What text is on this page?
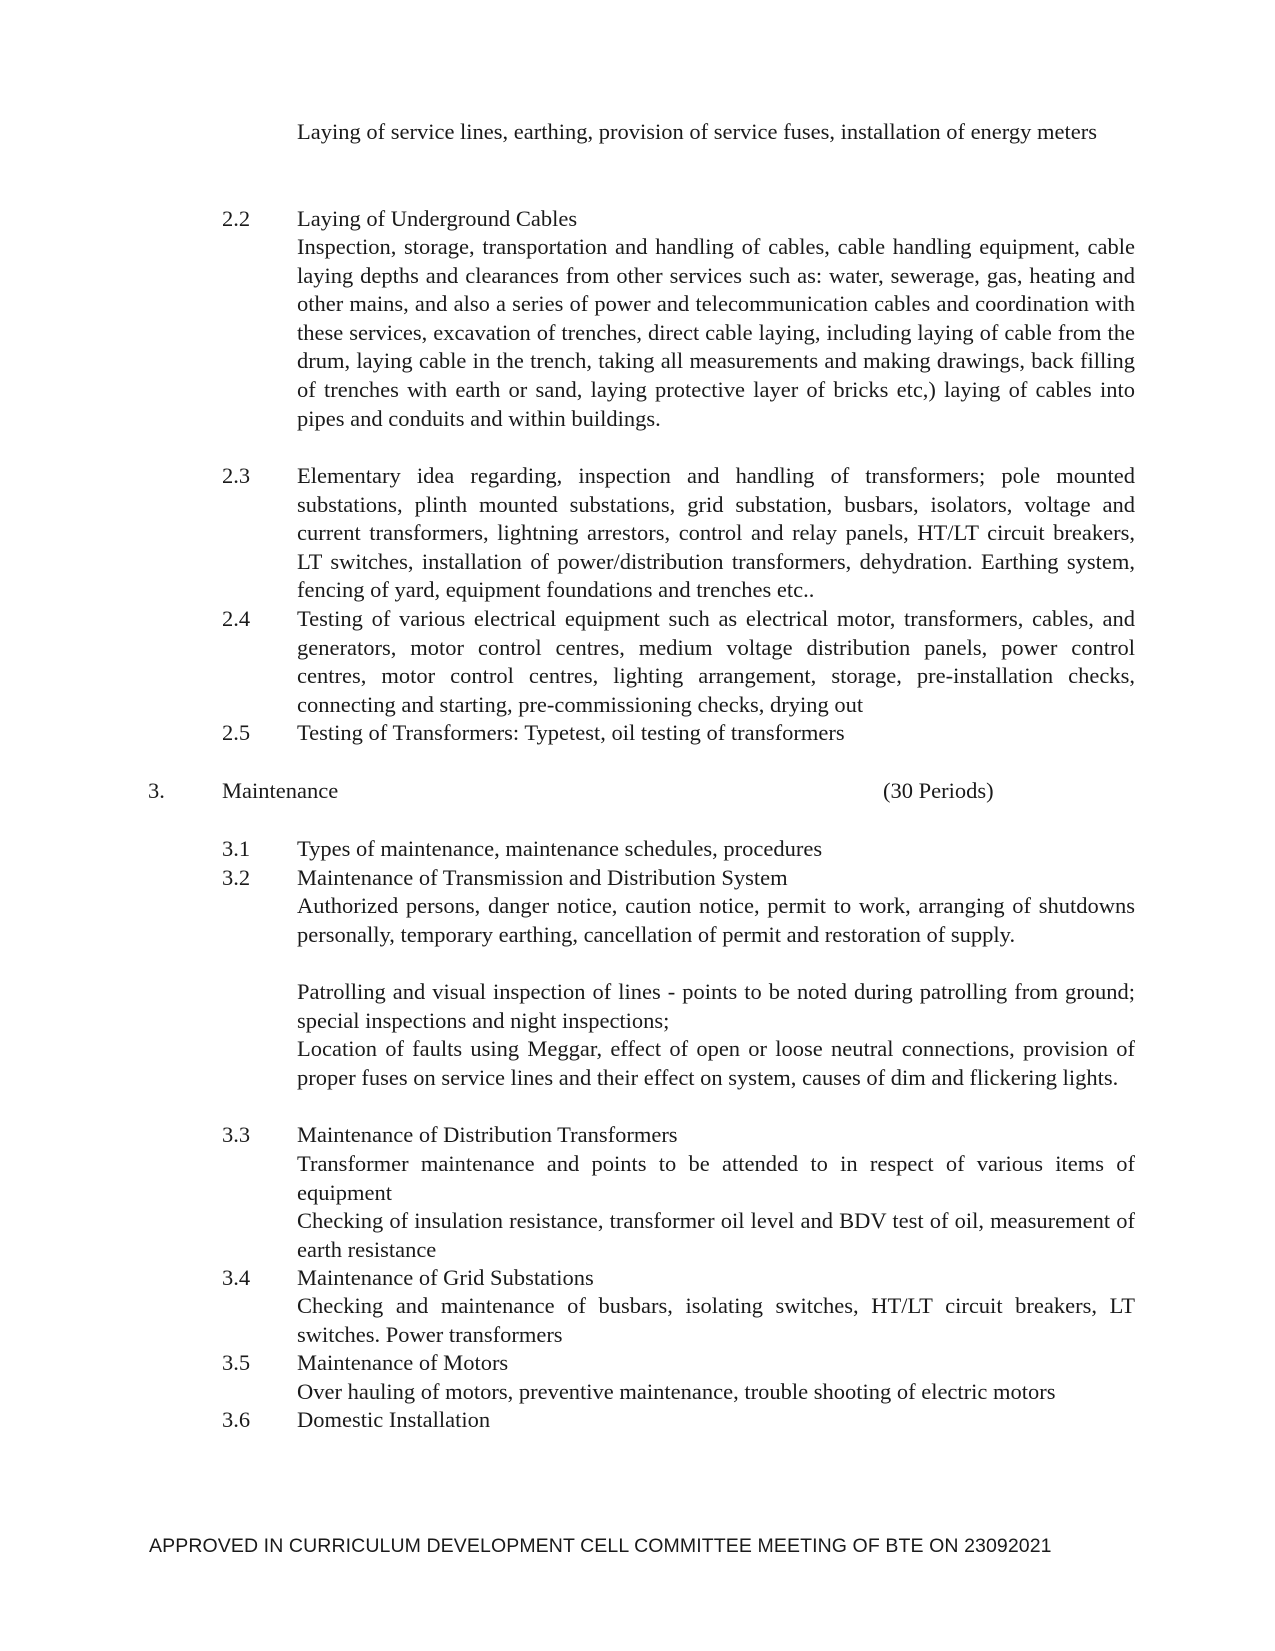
Laying of service lines, earthing, provision of service fuses, installation of energy meters
2.2 Laying of Underground Cables
Inspection, storage, transportation and handling of cables, cable handling equipment, cable laying depths and clearances from other services such as: water, sewerage, gas, heating and other mains, and also a series of power and telecommunication cables and coordination with these services, excavation of trenches, direct cable laying, including laying of cable from the drum, laying cable in the trench, taking all measurements and making drawings, back filling of trenches with earth or sand, laying protective layer of bricks etc,) laying of cables into pipes and conduits and within buildings.
2.3 Elementary idea regarding, inspection and handling of transformers; pole mounted substations, plinth mounted substations, grid substation, busbars, isolators, voltage and current transformers, lightning arrestors, control and relay panels, HT/LT circuit breakers, LT switches, installation of power/distribution transformers, dehydration. Earthing system, fencing of yard, equipment foundations and trenches etc..
2.4 Testing of various electrical equipment such as electrical motor, transformers, cables, and generators, motor control centres, medium voltage distribution panels, power control centres, motor control centres, lighting arrangement, storage, pre-installation checks, connecting and starting, pre-commissioning checks, drying out
2.5 Testing of Transformers: Typetest, oil testing of transformers
3.	Maintenance	(30 Periods)
3.1 Types of maintenance, maintenance schedules, procedures
3.2 Maintenance of Transmission and Distribution System
Authorized persons, danger notice, caution notice, permit to work, arranging of shutdowns personally, temporary earthing, cancellation of permit and restoration of supply.
Patrolling and visual inspection of lines - points to be noted during patrolling from ground; special inspections and night inspections;
Location of faults using Meggar, effect of open or loose neutral connections, provision of proper fuses on service lines and their effect on system, causes of dim and flickering lights.
3.3 Maintenance of Distribution Transformers
Transformer maintenance and points to be attended to in respect of various items of equipment
Checking of insulation resistance, transformer oil level and BDV test of oil, measurement of earth resistance
3.4 Maintenance of Grid Substations
Checking and maintenance of busbars, isolating switches, HT/LT circuit breakers, LT switches. Power transformers
3.5 Maintenance of Motors
Over hauling of motors, preventive maintenance, trouble shooting of electric motors
3.6 Domestic Installation
APPROVED IN CURRICULUM DEVELOPMENT CELL COMMITTEE MEETING OF BTE ON 23092021
